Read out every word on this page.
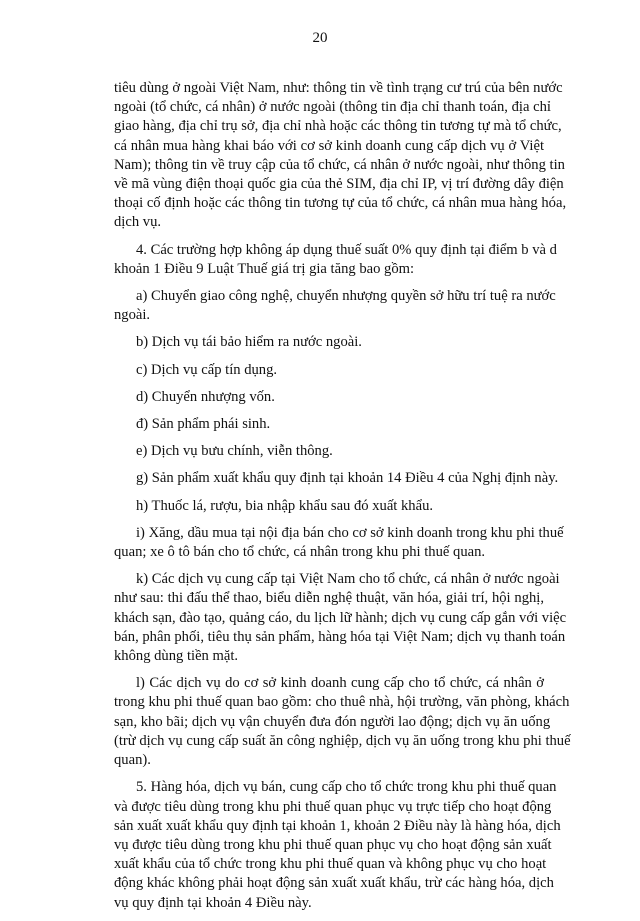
20
tiêu dùng ở ngoài Việt Nam, như: thông tin về tình trạng cư trú của bên nước
ngoài (tổ chức, cá nhân) ở nước ngoài (thông tin địa chỉ thanh toán, địa chỉ
giao hàng, địa chỉ trụ sở, địa chỉ nhà hoặc các thông tin tương tự mà tổ chức,
cá nhân mua hàng khai báo với cơ sở kinh doanh cung cấp dịch vụ ở Việt
Nam); thông tin về truy cập của tổ chức, cá nhân ở nước ngoài, như thông tin
về mã vùng điện thoại quốc gia của thẻ SIM, địa chỉ IP, vị trí đường dây điện
thoại cố định hoặc các thông tin tương tự của tổ chức, cá nhân mua hàng hóa,
dịch vụ.
4. Các trường hợp không áp dụng thuế suất 0% quy định tại điểm b và d
khoản 1 Điều 9 Luật Thuế giá trị gia tăng bao gồm:
a) Chuyển giao công nghệ, chuyển nhượng quyền sở hữu trí tuệ ra nước
ngoài.
b) Dịch vụ tái bảo hiểm ra nước ngoài.
c) Dịch vụ cấp tín dụng.
d) Chuyển nhượng vốn.
đ) Sản phẩm phái sinh.
e) Dịch vụ bưu chính, viễn thông.
g) Sản phẩm xuất khẩu quy định tại khoản 14 Điều 4 của Nghị định này.
h) Thuốc lá, rượu, bia nhập khẩu sau đó xuất khẩu.
i) Xăng, dầu mua tại nội địa bán cho cơ sở kinh doanh trong khu phi thuế
quan; xe ô tô bán cho tổ chức, cá nhân trong khu phi thuế quan.
k) Các dịch vụ cung cấp tại Việt Nam cho tổ chức, cá nhân ở nước ngoài
như sau: thi đấu thể thao, biểu diễn nghệ thuật, văn hóa, giải trí, hội nghị,
khách sạn, đào tạo, quảng cáo, du lịch lữ hành; dịch vụ cung cấp gắn với việc
bán, phân phối, tiêu thụ sản phẩm, hàng hóa tại Việt Nam; dịch vụ thanh toán
không dùng tiền mặt.
l) Các dịch vụ do cơ sở kinh doanh cung cấp cho tổ chức, cá nhân ở
trong khu phi thuế quan bao gồm: cho thuê nhà, hội trường, văn phòng, khách
sạn, kho bãi; dịch vụ vận chuyển đưa đón người lao động; dịch vụ ăn uống
(trừ dịch vụ cung cấp suất ăn công nghiệp, dịch vụ ăn uống trong khu phi thuế
quan).
5. Hàng hóa, dịch vụ bán, cung cấp cho tổ chức trong khu phi thuế quan
và được tiêu dùng trong khu phi thuế quan phục vụ trực tiếp cho hoạt động
sản xuất xuất khẩu quy định tại khoản 1, khoản 2 Điều này là hàng hóa, dịch
vụ được tiêu dùng trong khu phi thuế quan phục vụ cho hoạt động sản xuất
xuất khẩu của tổ chức trong khu phi thuế quan và không phục vụ cho hoạt
động khác không phải hoạt động sản xuất xuất khẩu, trừ các hàng hóa, dịch
vụ quy định tại khoản 4 Điều này.
